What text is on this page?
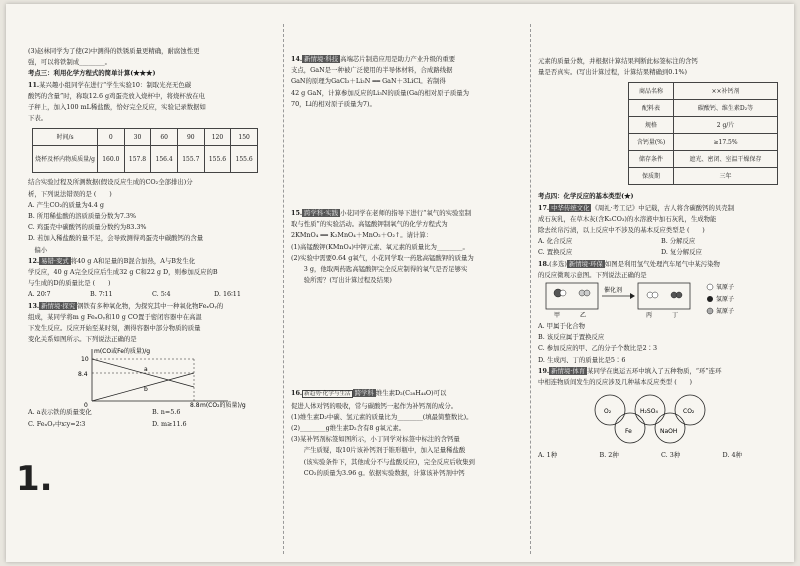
(3)赵林同学为了使(2)中测得的铁锈质量更精确，耐腐蚀性更

强，可以将铁制成________。

考点三：利用化学方程式的简单计算(★★★)

11.某兴趣小组同学在进行“学生实验10：制取光亮无色碳

酸钙的含量”时，称取12.6 g鸡蛋壳放入烧杯中，将烧杯放在电

子秤上，加入100 mL稀盐酸，恰好完全反应，实验记录数据如

下表。

时间/s	0	30	60	90	120	150
烧杯及杯内物质质量/g	160.0	157.8	156.4	155.7	155.6	155.6

结合实验过程及所测数据(假设反应生成的CO₂全部排出)分

析，下列说法错误的是 (　　)

A. 产生CO₂的质量为4.4 g

B. 所用稀盐酸的溶质质量分数为7.3%

C. 鸡蛋壳中碳酸钙的质量分数约为83.3%

D. 若加入稀盐酸的量不足，会导致测得鸡蛋壳中碳酸钙的含量

　偏小

12. 易错·变式 将40 g A和足量的B混合加热，A与B发生化

学反应，40 g A完全反应后生成32 g C和22 g D，则参加反应的B

与生成的D的质量比是 (　　)

A. 20∶7	B. 7∶11	C. 5∶4	D. 16∶11

13. 新情境·探究 钢铁有多种氧化物，为探究其中一种氧化物FeₓOᵧ的

组成，某同学将m g FeₓOᵧ和10 g CO置于密闭容器中在高温

下发生反应。反应开始至某时刻，测得容器中部分物质的质量

变化关系如图所示。下列说法正确的是

m(CO或Fe的质量)/g
10
8.4
0	8.8 m(CO₂的质量)/g
a
b
A. a表示铁的质量变化	B. n=5.6
C. FeₓOᵧ中x∶y=2∶3	D. m≥11.6
1.

14. 新情境·科技 高端芯片制造应用是助力产业升级的重要

支点，GaN是一种被广泛使用的半导体材料，合成路线据

GaN的原理为GaCl₃＋Li₃N ══ GaN＋3LiCl。若制得

42 g GaN，计算参加反应的Li₃N的质量(Ga的相对原子质量为

70，Li的相对原子质量为7)。

15. 跨学科·实践 小花同学在老师的指导下进行“氧气的实验室制

取与性质”的实验活动。高锰酸钾制氧气的化学方程式为

2KMnO₄ ══ K₂MnO₄＋MnO₂＋O₂↑。请计算：

(1)高锰酸钾(KMnO₄)中钾元素、氧元素的质量比为________。

(2)实验中需要0.64 g氧气，小花同学取一药匙高锰酸钾的质量为

　　3 g，他取两药匙高锰酸钾完全反应制得的氧气是否足够实

　　验所需？(写出计算过程及结果)

16. 新趋势·化学与生活 跨学科 维生素D₂(C₂₈H₄₄O)可以

促进人体对钙的吸收，常与碳酸钙一起作为补钙剂的成分。

(1)维生素D₂中碳、氢元素的质量比为________(填最简整数比)。

(2)________g维生素D₂含有8 g氧元素。

(3)某补钙剂标签如图所示，小丁同学对标签中标注的含钙量

　　产生质疑，取10片该补钙剂于锥形瓶中，加入足量稀盐酸

　　(该实验条件下，其他成分不与盐酸反应)，完全反应后收集到

　　CO₂的质量为3.96 g。依据实验数据，计算该补钙剂中钙

元素的质量分数，并根据计算结果判断此标签标注的含钙

量是否真实。(写出计算过程，计算结果精确到0.1%)

商品名称	××补钙剂
配料表	碳酸钙、维生素D₂等
规格	2 g/片
含钙量(%)	≥17.5%
储存条件	遮光、密闭、室温干燥保存
保质期	三年

考点四：化学反应的基本类型(★)

17. 中华传统文化 《周礼·考工记》中记载，古人将含碳酸钙的贝壳制

成石灰乳，在草木灰(含K₂CO₃)的水溶液中加石灰乳，生成物能

除去丝帛污渍，以上反应中不涉及的基本反应类型是 (　　)

A. 化合反应	B. 分解反应
C. 置换反应	D. 复分解反应

18.(多选) 新情境·环保 如图是利用氢气处理汽车尾气中某污染物

的反应微观示意图。下列说法正确的是

甲	乙
催化剂
丙	丁
氧原子
氢原子
氮原子

A. 甲属于化合物

B. 该反应属于置换反应

C. 参加反应的甲、乙的分子个数比是2∶3

D. 生成丙、丁的质量比是5∶6

19. 新情境·体育 某同学在奥运五环中填入了五种物质，“环”连环

中相连物质间发生的反应涉及几种基本反应类型 (　　)

O₂	H₂SO₄	CO₂
Fe	NaOH
A. 1种	B. 2种	C. 3种	D. 4种
